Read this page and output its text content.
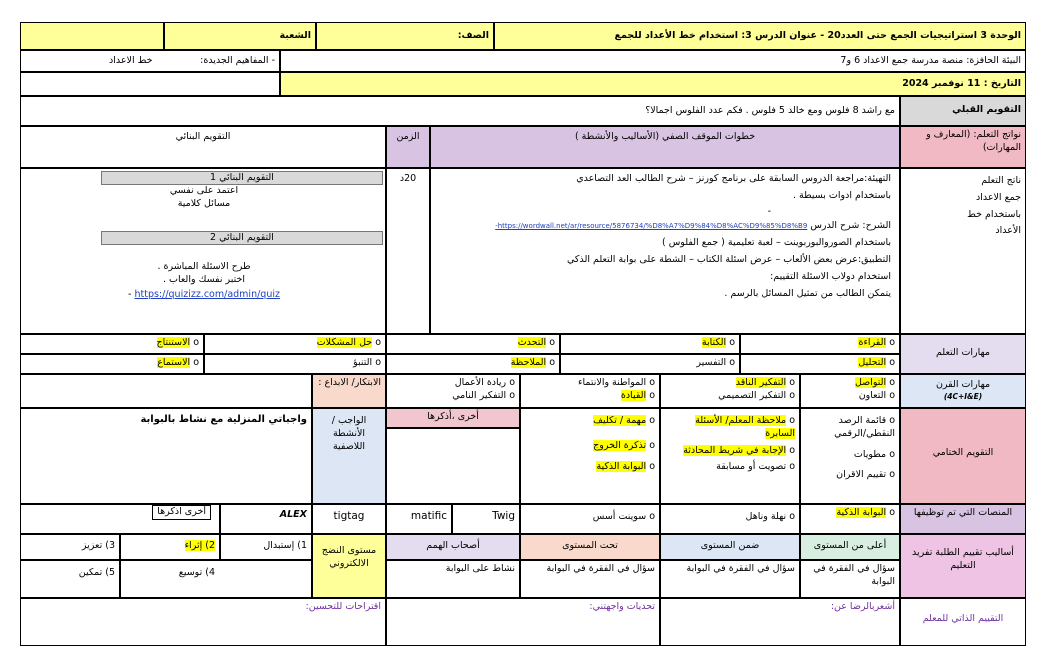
الوحدة 3 استراتيجيات الجمع حتى العدد20 - عنوان الدرس 3: استخدام خط الأعداد للجمع
الصف:
الشعبة
البيئة الحافزة: منصة مدرسة جمع الاعداد 6 و7
- المفاهيم الجديدة:
خط الاعداد
التاريخ : 11 نوفمبر 2024
التقويم القبلي
مع راشد 8 فلوس ومع خالد 5 فلوس . فكم عدد الفلوس اجمالا؟
نواتج التعلم: (المعارف و المهارات)
خطوات الموقف الصفي (الأساليب والأنشطة )
الزمن
التقويم البنائي
ناتج التعلم
جمع الاعداد
باستخدام خط
الأعداد
التهيئة:مراجعة الدروس السابقة على برنامج كورنز – شرح الطالب العد التصاعدي
باستخدام ادوات بسيطة .
-
الشرح: شرح الدرس https://wordwall.net/ar/resource/5876734/%D8%A7%D9%84%D8%AC%D9%85%D8%B9-
باستخدام الصوروالبوربوينت – لعبة تعليمية ( جمع الفلوس )
التطبيق:عرض بعض الألعاب – عرض اسئلة الكتاب – الشطة على بوابة التعلم الذكي
استخدام دولاب الاسئلة التقييم:
يتمكن الطالب من تمثيل المسائل بالرسم .
20د
التقويم البنائي 1
اعتمد على نفسي
مسائل كلامية
التقويم البنائي 2
طرح الاسئلة المباشرة .
اختبر نفسك والعاب .
- https://quizizz.com/admin/quiz
مهارات التعلم
o القراءة
o الكتابة
o التحدث
o حل المشكلات
o الاستنتاج
o التحليل
o التفسير
o الملاحظة
o التنبؤ
o الاستماع
مهارات القرن
(4C+I&E)
o التواصل
o التعاون
o التفكير الناقد
o التفكير التصميمي
o المواطنة والانتماء
o القيادة
o ريادة الأعمال
o التفكير النامي
الابتكار/ الابداع :
التقويم الختامي
o قائمة الرصد النقطي/الرقمي
o مطويات
o تقييم الاقران
o ملاحظة المعلم/ الأسئلة السابرة
o الإجابة في شريط المحادثة
o تصويت أو مسابقة
o مهمة / تكليف
o تذكرة الخروج
o البوابة الذكية
أخرى ،أذكرها
الواجب / الأنشطة اللاصفية
واجباتي المنزلية مع نشاط بالبوابة
المنصات التي تم توظيفها
o البوابة الذكية
o نهلة وناهل
o سوينت أسس
Twig
matific
tigtag
ALEX
أخرى اذكرها
أساليب تقييم الطلبة تفريد التعليم
أعلى من المستوى
ضمن المستوى
تحت المستوى
أصحاب الهمم
سؤال في الفقرة في البوابة
سؤال في الفقرة في البوابة
سؤال في الفقرة في البوابة
نشاط على البوابة
مستوى النضج الالكتروني
1) إستبدال
2) إثراء
3) تعزيز
4) توسيع
5) تمكين
التقييم الذاتي للمعلم
أشعربالرضا عن:
تحديات واجهتني:
اقتراحات للتحسين:
